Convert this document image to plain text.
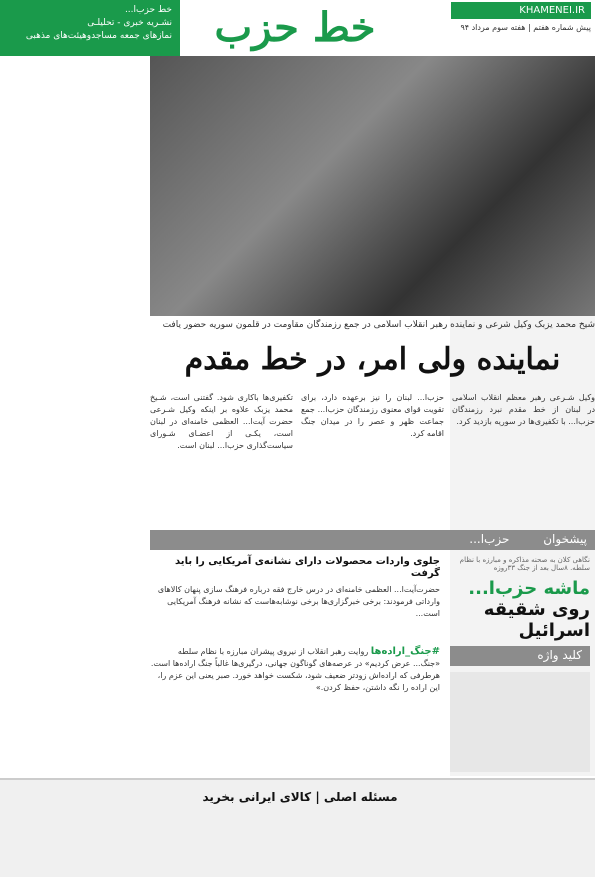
خط حزب‌ا...
نشـریه خبری - تحلیلـی
نمازهای جمعه مساجدوهیئت‌های مذهبی	خط حزب	KHAMENEI.IR
پیش شماره هفتم | هفته سوم مرداد ۹۴
شیخ محمد یزبک وکیل شرعی و نماینده رهبر انقلاب اسلامی در جمع رزمندگان مقاومت در قلمون سوریه حضور یافت
نماینده ولی امر، در خط مقدم
وکیل شـرعی رهبر معظم انقلاب اسلامی در لبنان از خط مقدم نبرد رزمندگان حزب‌ا... با تکفیری‌ها در سوریه بازدید کرد.
حزب‌ا... لبنان را نیز برعهده دارد، برای تقویت قوای معنوی رزمندگان حزب‌ا... جمع جماعت ظهر و عصر را در میدان جنگ اقامه کرد.
تکفیری‌ها باکاری شود. گفتنی است، شـیخ محمد یزبک علاوه بر اینکه وکیل شـرعی حضرت آیت‌ا... العظمی خامنه‌ای در لبنان است، یکـی از اعضـای شـورای سیاست‌گذاری حزب‌ا... لبنان است.
پیشخوان حزب‌ا...
نگاهی کلان به صحنه مذاکره و مبارزه با نظام سلطه. ۸سال بعد از جنگ ۳۳روزه
ماشه حزب‌ا...
روی شقیقه اسرائیل
جلوی واردات محصولات دارای نشانه‌ی آمریکایی را باید گرفت
حضرت‌آیت‌ا... العظمی خامنه‌ای در درس خارج فقه درباره فرهنگ سازی پنهان کالاهای وارداتی فرمودند: برخی خبرگزاری‌ها برخی نوشابه‌هاست که نشانه فرهنگ آمریکایی است...
کلید واژه
#جنگ_اراده‌ها روایت رهبر انقلاب از نیروی پیشران مبارزه با نظام سلطه
«جنگ... عرض کردیم» در عرصه‌های گوناگون جهانی، درگیری‌ها غالباً جنگ اراده‌ها است. هرطرفی که اراده‌اش زودتر ضعیف شود، شکست خواهد خورد. صبر یعنی این عزم را، این اراده را نگه داشتن، حفظ کردن.»
مسئله اصلی | کالای ایرانی بخرید
